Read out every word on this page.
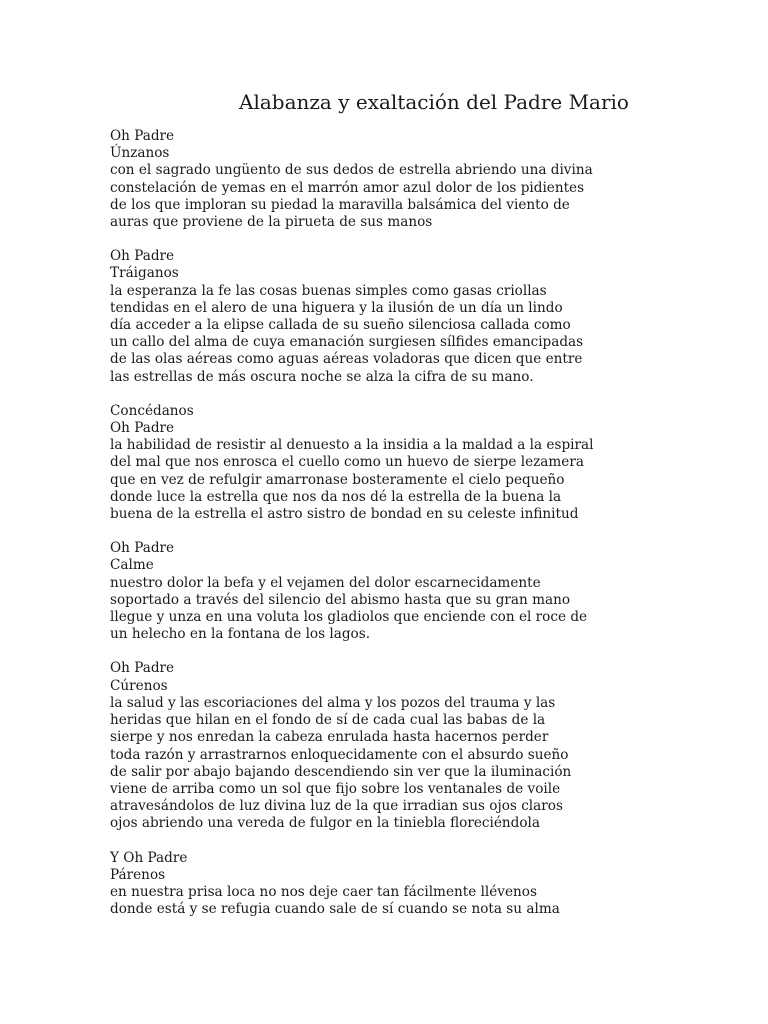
Alabanza y exaltación del Padre Mario
Oh Padre
Únzanos
con el sagrado ungüento de sus dedos de estrella abriendo una divina
constelación de yemas en el marrón amor azul dolor de los pidientes
de los que imploran su piedad la maravilla balsámica del viento de
auras que proviene de la pirueta de sus manos
Oh Padre
Tráiganos
la esperanza la fe las cosas buenas simples como gasas criollas
tendidas en el alero de una higuera y la ilusión de un día un lindo
día acceder a la elipse callada de su sueño silenciosa callada como
un callo del alma de cuya emanación surgiesen sílfides emancipadas
de las olas aéreas como aguas aéreas voladoras que dicen que entre
las estrellas de más oscura noche se alza la cifra de su mano.
Concédanos
Oh Padre
la habilidad de resistir al denuesto a la insidia a la maldad a la espiral
del mal que nos enrosca el cuello como un huevo de sierpe lezamera
que en vez de refulgir amarronase bosteramente el cielo pequeño
donde luce la estrella que nos da nos dé la estrella de la buena la
buena de la estrella el astro sistro de bondad en su celeste infinitud
Oh Padre
Calme
nuestro dolor la befa y el vejamen del dolor escarnecidamente
soportado a través del silencio del abismo hasta que su gran mano
llegue y unza en una voluta los gladiolos que enciende con el roce de
un helecho en la fontana de los lagos.
Oh Padre
Cúrenos
la salud y las escoriaciones del alma y los pozos del trauma y las
heridas que hilan en el fondo de sí de cada cual las babas de la
sierpe y nos enredan la cabeza enrulada hasta hacernos perder
toda razón y arrastrarnos enloquecidamente con el absurdo sueño
de salir por abajo bajando descendiendo sin ver que la iluminación
viene de arriba como un sol que fijo sobre los ventanales de voile
atravesándolos de luz divina luz de la que irradian sus ojos claros
ojos abriendo una vereda de fulgor en la tiniebla floreciéndola
Y Oh Padre
Párenos
en nuestra prisa loca no nos deje caer tan fácilmente llévenos
donde está y se refugia cuando sale de sí cuando se nota su alma
